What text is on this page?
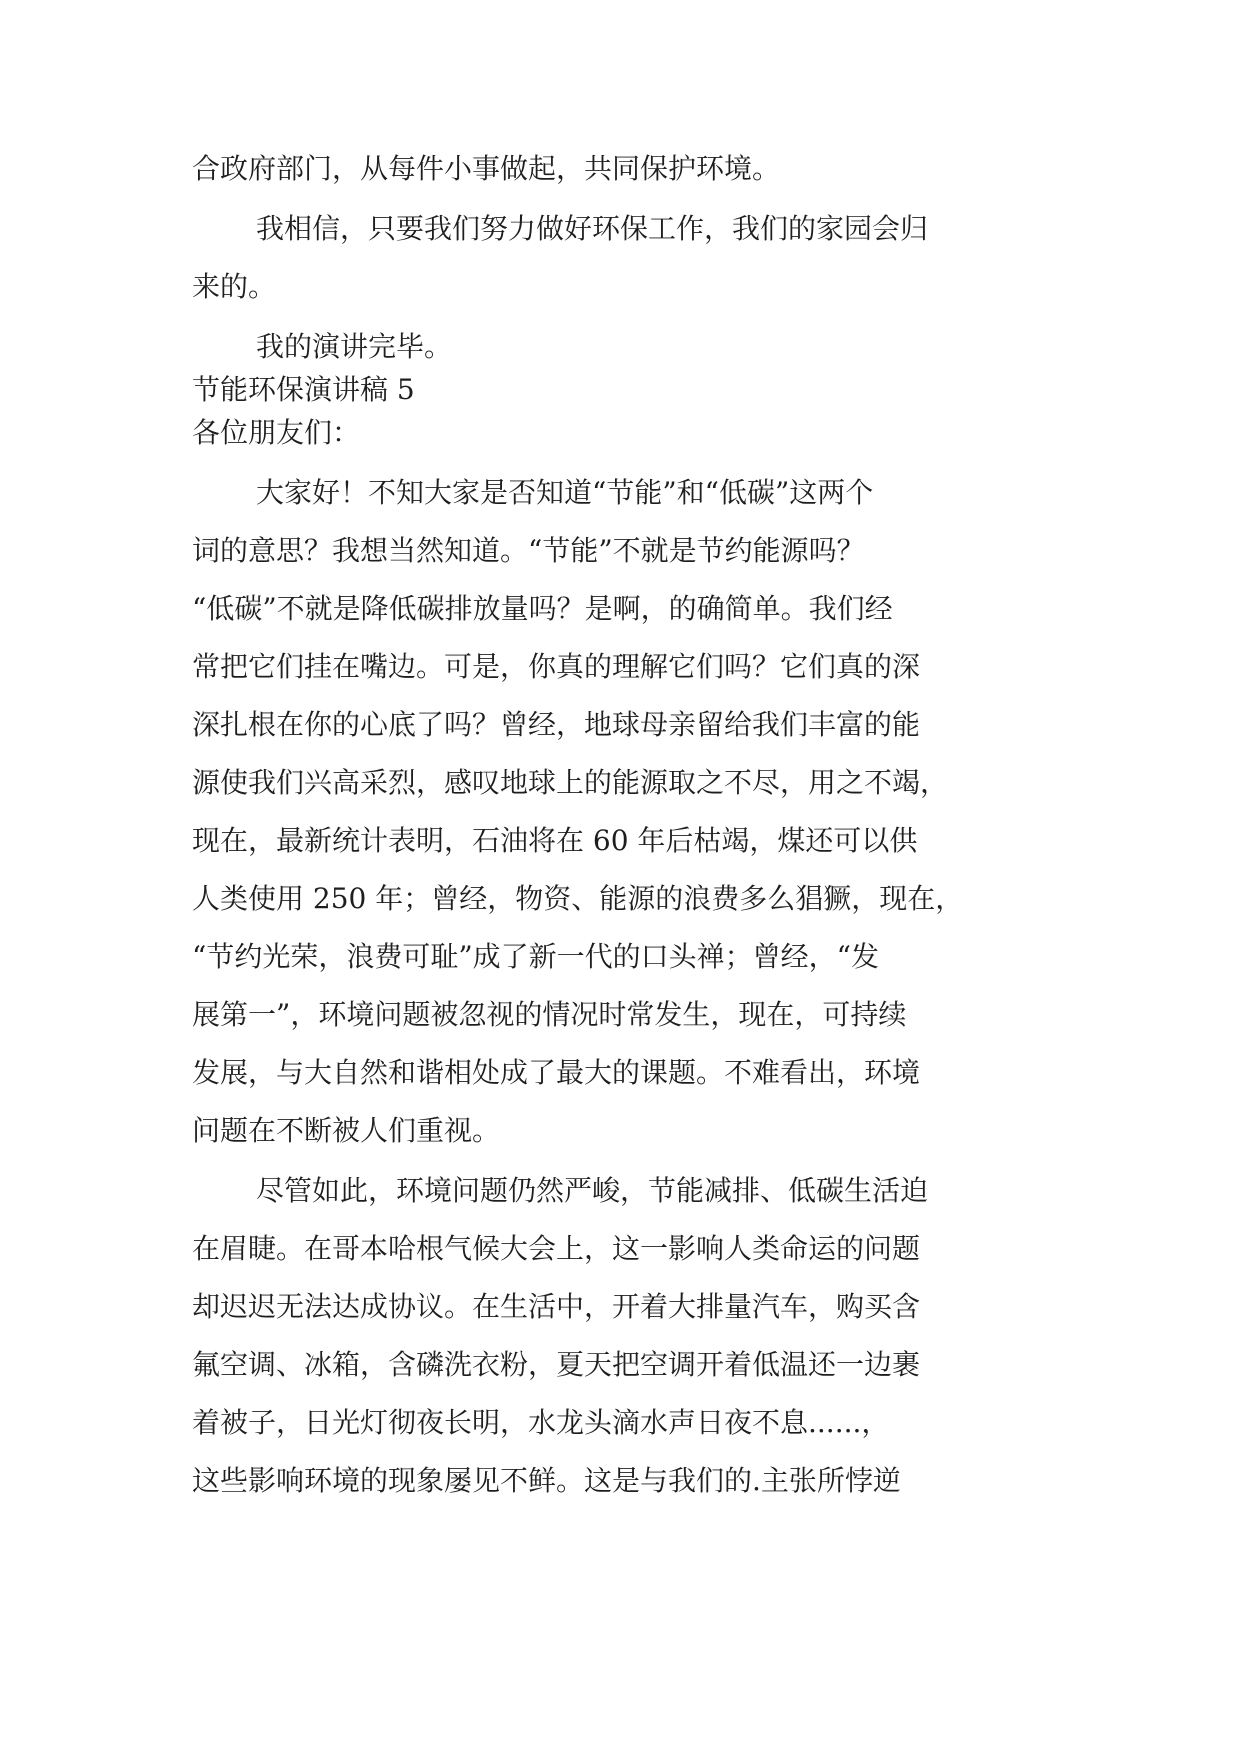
合政府部门，从每件小事做起，共同保护环境。
我相信，只要我们努力做好环保工作，我们的家园会归
来的。
我的演讲完毕。
节能环保演讲稿 5
各位朋友们：
大家好！不知大家是否知道“节能”和“低碳”这两个
词的意思？我想当然知道。“节能”不就是节约能源吗？
“低碳”不就是降低碳排放量吗？是啊，的确简单。我们经
常把它们挂在嘴边。可是，你真的理解它们吗？它们真的深
深扎根在你的心底了吗？曾经，地球母亲留给我们丰富的能
源使我们兴高采烈，感叹地球上的能源取之不尽，用之不竭，
现在，最新统计表明，石油将在 60 年后枯竭，煤还可以供
人类使用 250 年；曾经，物资、能源的浪费多么猖獗，现在，
“节约光荣，浪费可耻”成了新一代的口头禅；曾经，“发
展第一”，环境问题被忽视的情况时常发生，现在，可持续
发展，与大自然和谐相处成了最大的课题。不难看出，环境
问题在不断被人们重视。
尽管如此，环境问题仍然严峻，节能减排、低碳生活迫
在眉睫。在哥本哈根气候大会上，这一影响人类命运的问题
却迟迟无法达成协议。在生活中，开着大排量汽车，购买含
氟空调、冰箱，含磷洗衣粉，夏天把空调开着低温还一边裹
着被子，日光灯彻夜长明，水龙头滴水声日夜不息......，
这些影响环境的现象屡见不鲜。这是与我们的.主张所悖逆
